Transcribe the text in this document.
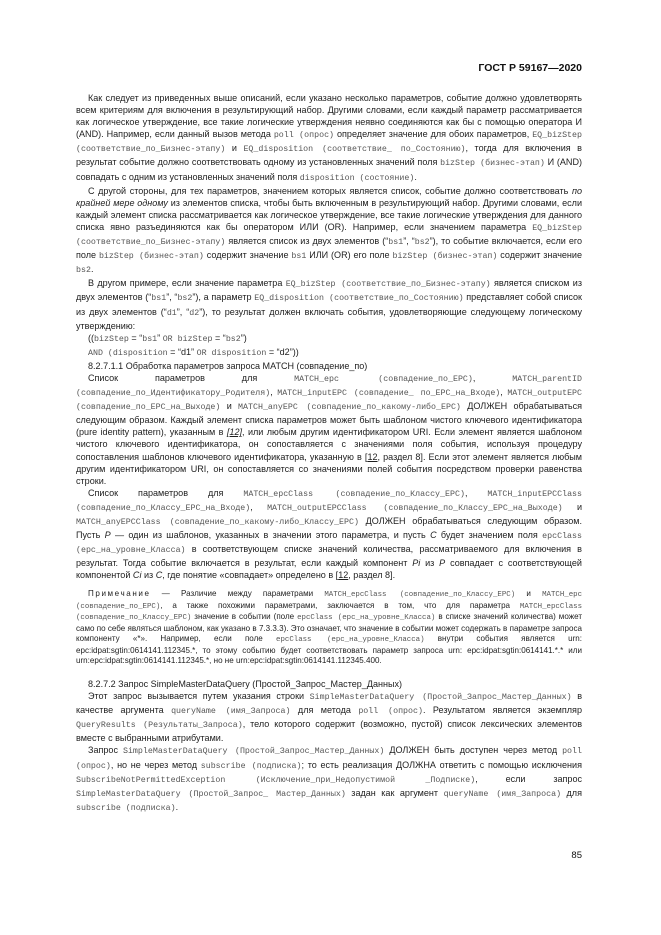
ГОСТ Р 59167—2020

Как следует из приведенных выше описаний, если указано несколько параметров, событие должно удовлетворять всем критериям для включения в результирующий набор. Другими словами, если каждый параметр рассматривается как логическое утверждение, все такие логические утверждения неявно соединяются как бы с помощью оператора И (AND). Например, если данный вызов метода poll (опрос) определяет значение для обоих параметров, EQ_bizStep (соответствие_по_Бизнес-этапу) и EQ_disposition (соответствие_ по_Состоянию), тогда для включения в результат событие должно соответствовать одному из установленных значений поля bizStep (бизнес-этап) И (AND) совпадать с одним из установленных значений поля disposition (состояние).

С другой стороны, для тех параметров, значением которых является список, событие должно соответствовать по крайней мере одному из элементов списка, чтобы быть включенным в результирующий набор. Другими словами, если каждый элемент списка рассматривается как логическое утверждение, все такие логические утверждения для данного списка явно разъединяются как бы оператором ИЛИ (OR). Например, если значением параметра EQ_bizStep (соответствие_по_Бизнес-этапу) является список из двух элементов (“bs1”, “bs2”), то событие включается, если его поле bizStep (бизнес-этап) содержит значение bs1 ИЛИ (OR) его поле bizStep (бизнес-этап) содержит значение bs2.

В другом примере, если значение параметра EQ_bizStep (соответствие_по_Бизнес-этапу) является списком из двух элементов (“bs1”, “bs2”), а параметр EQ_disposition (соответствие_по_Состоянию) представляет собой список из двух элементов (“d1”, “d2”), то результат должен включать события, удовлетворяющие следующему логическому утверждению:

((bizStep = “bs1” OR bizStep = “bs2”)

AND (disposition = “d1” OR disposition = “d2”))

8.2.7.1.1 Обработка параметров запроса MATCH (совпадение_по)

Список параметров для MATCH_epc (совпадение_по_EPC), MATCH_parentID (совпадение_по_Идентификатору_Родителя), MATCH_inputEPC (совпадение_ по_EPC_на_Входе), MATCH_outputEPC (совпадение_по_EPC_на_Выходе) и MATCH_anyEPC (совпадение_по_какому-либо_EPC) ДОЛЖЕН обрабатываться следующим образом. Каждый элемент списка параметров может быть шаблоном чистого ключевого идентификатора (pure identity pattern), указанным в [12], или любым другим идентификатором URI. Если элемент является шаблоном чистого ключевого идентификатора, он сопоставляется с значениями поля события, используя процедуру сопоставления шаблонов ключевого идентификатора, указанную в [12, раздел 8]. Если этот элемент является любым другим идентификатором URI, он сопоставляется со значениями полей события посредством проверки равенства строки.

Список параметров для MATCH_epcClass (совпадение_по_Классу_EPC), MATCH_inputEPCClass (совпадение_по_Классу_EPC_на_Входе), MATCH_outputEPCClass (совпадение_по_Классу_EPC_на_Выходе) и MATCH_anyEPCClass (совпадение_по_какому-либо_Классу_EPC) ДОЛЖЕН обрабатываться следующим образом. Пусть P — один из шаблонов, указанных в значении этого параметра, и пусть C будет значением поля epcClass (epc_на_уровне_Класса) в соответствующем списке значений количества, рассматриваемого для включения в результат. Тогда событие включается в результат, если каждый компонент Pi из P совпадает с соответствующей компонентой Ci из C, где понятие «совпадает» определено в [12, раздел 8].

Примечание — Различие между параметрами MATCH_epcClass (совпадение_по_Классу_EPC) и MATCH_epc (совпадение_по_EPC), а также похожими параметрами, заключается в том, что для параметра MATCH_epcClass (совпадение_по_Классу_EPC) значение в событии (поле epcClass (epc_на_уровне_Класса) в списке значений количества) может само по себе являться шаблоном, как указано в 7.3.3.3). Это означает, что значение в событии может содержать в параметре запроса компоненту «*». Например, если поле epcClass (epc_на_уровне_Класса) внутри события является urn: epc:idpat:sgtin:0614141.112345.*, то этому событию будет соответствовать параметр запроса urn: epc:idpat:sgtin:0614141.*.* или urn:epc:idpat:sgtin:0614141.112345.*, но не urn:epc:idpat:sgtin:0614141.112345.400.

8.2.7.2 Запрос SimpleMasterDataQuery (Простой_Запрос_Мастер_Данных)

Этот запрос вызывается путем указания строки SimpleMasterDataQuery (Простой_Запрос_Мастер_Данных) в качестве аргумента queryName (имя_Запроса) для метода poll (опрос). Результатом является экземпляр QueryResults (Результаты_Запроса), тело которого содержит (возможно, пустой) список лексических элементов вместе с выбранными атрибутами.

Запрос SimpleMasterDataQuery (Простой_Запрос_Мастер_Данных) ДОЛЖЕН быть доступен через метод poll (опрос), но не через метод subscribe (подписка); то есть реализация ДОЛЖНА ответить с помощью исключения SubscribeNotPermittedException (Исключение_при_Недопустимой _Подписке), если запрос SimpleMasterDataQuery (Простой_Запрос_ Мастер_Данных) задан как аргумент queryName (имя_Запроса) для subscribe (подписка).

85
